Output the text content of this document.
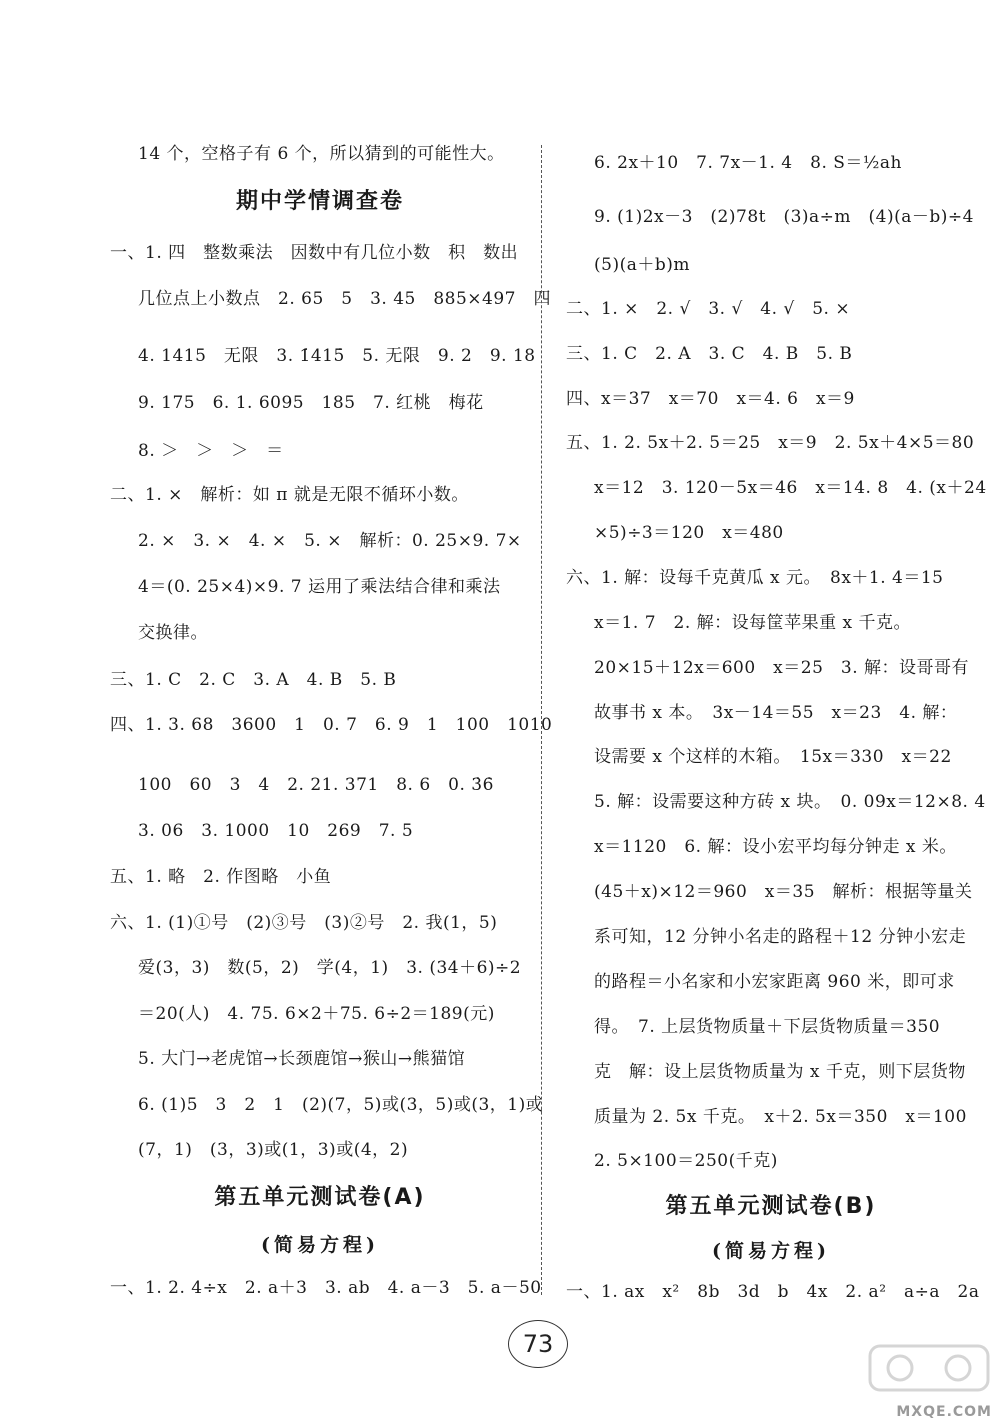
14 个，空格子有 6 个，所以猜到的可能性大。
期中学情调查卷
一、1. 四　整数乘法　因数中有几位小数　积　数出
几位点上小数点　2. 65　5　3. 45　885×497　四
4. 1415　无限　3. 1̇415̇　5. 无限　9. 2　9. 18
9. 175　6. 1. 6095　185　7. 红桃　梅花
8. ＞　＞　＞　＝
二、1. ×　解析：如 π 就是无限不循环小数。
2. ×　3. ×　4. ×　5. ×　解析：0. 25×9. 7×
4＝(0. 25×4)×9. 7 运用了乘法结合律和乘法
交换律。
三、1. C　2. C　3. A　4. B　5. B
四、1. 3. 68　3600　1　0. 7　6. 9　1　100　1010
100　60　3　4　2. 21. 371　8. 6　0. 3̇6̇
3. 06　3. 1000　10　269　7. 5
五、1. 略　2. 作图略　小鱼
六、1. (1)①号　(2)③号　(3)②号　2. 我(1，5)
爱(3，3)　数(5，2)　学(4，1)　3. (34＋6)÷2
＝20(人)　4. 75. 6×2＋75. 6÷2＝189(元)
5. 大门→老虎馆→长颈鹿馆→猴山→熊猫馆
6. (1)5　3　2　1　(2)(7，5)或(3，5)或(3，1)或
(7，1)　(3，3)或(1，3)或(4，2)
第五单元测试卷(A)
(简易方程)
一、1. 2. 4÷x　2. a＋3　3. ab　4. a－3　5. a－50
6. 2x＋10　7. 7x－1. 4　8. S＝½ah
9. (1)2x－3　(2)78t　(3)a÷m　(4)(a－b)÷4
(5)(a＋b)m
二、1. ×　2. √　3. √　4. √　5. ×
三、1. C　2. A　3. C　4. B　5. B
四、x＝37　x＝70　x＝4. 6　x＝9
五、1. 2. 5x＋2. 5＝25　x＝9　2. 5x＋4×5＝80
x＝12　3. 120－5x＝46　x＝14. 8　4. (x＋24
×5)÷3＝120　x＝480
六、1. 解：设每千克黄瓜 x 元。　8x＋1. 4＝15
x＝1. 7　2. 解：设每筐苹果重 x 千克。
20×15＋12x＝600　x＝25　3. 解：设哥哥有
故事书 x 本。　3x－14＝55　x＝23　4. 解：
设需要 x 个这样的木箱。　15x＝330　x＝22
5. 解：设需要这种方砖 x 块。　0. 09x＝12×8. 4
x＝1120　6. 解：设小宏平均每分钟走 x 米。
(45＋x)×12＝960　x＝35　解析：根据等量关
系可知，12 分钟小名走的路程＋12 分钟小宏走
的路程＝小名家和小宏家距离 960 米，即可求
得。　7. 上层货物质量＋下层货物质量＝350
克　解：设上层货物质量为 x 千克，则下层货物
质量为 2. 5x 千克。　x＋2. 5x＝350　x＝100
2. 5×100＝250(千克)
第五单元测试卷(B)
(简易方程)
一、1. ax　x²　8b　3d　b　4x　2. a²　a÷a　2a
73
MXQE.COM
